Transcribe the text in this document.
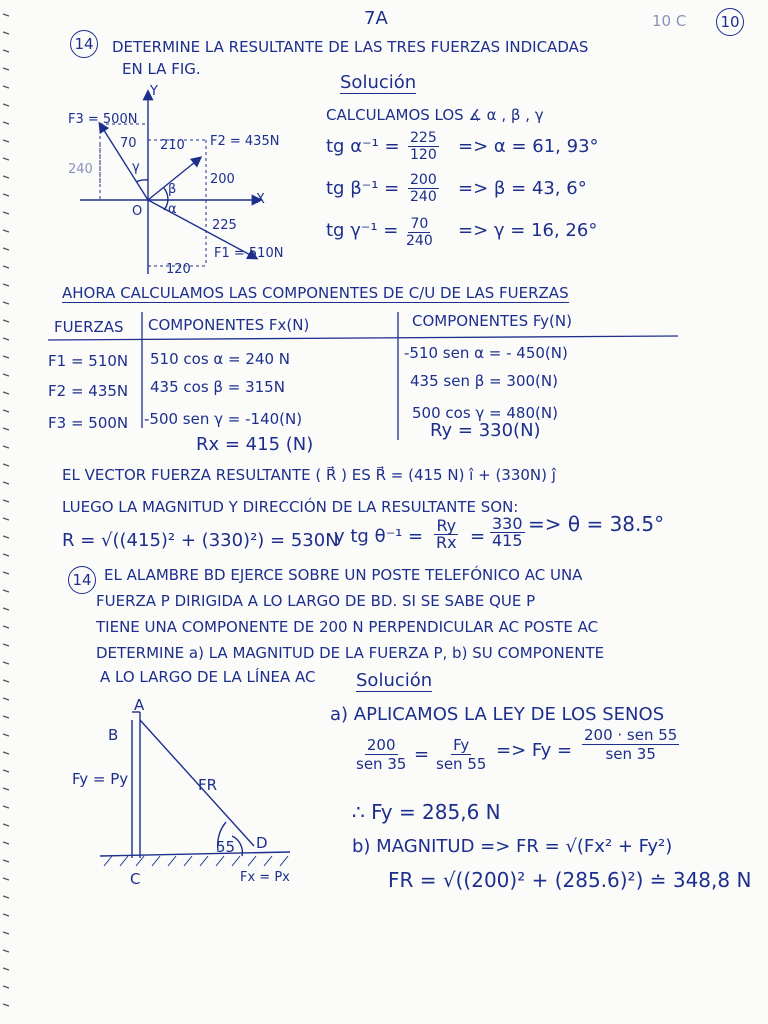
7A	10 C 10
14 DETERMINE LA RESULTANTE DE LAS TRES FUERZAS INDICADAS
EN LA FIG.
Solución
Y
X
O
F3 = 500N
F2 = 435N
F1 = 510N
70 210
240
200
225
120
γ
β
α
CALCULAMOS LOS ∡ α , β , γ
tg $\alpha^{-1} = \frac{225}{120} => \alpha = 61$, 93°
tg $\beta^{-1} = \frac{200}{240} => \beta = 43$, 6°
tg $\gamma^{-1} = \frac{70}{240} => \gamma = 16$, 26°
AHORA CALCULAMOS LAS COMPONENTES DE C/U DE LAS FUERZAS
FUERZAS COMPONENTES Fx(N)	COMPONENTES Fy(N)
F1 = 510N 510 cos α = 240 N	-510 sen α = - 450(N)
F2 = 435N 435 cos β = 315N	435 sen β = 300(N)
F3 = 500N -500 sen γ = -140(N)	500 cos γ = 480(N)
Rx = 415 (N)
Ry = 330(N)
EL VECTOR FUERZA RESULTANTE ( R⃗ ) ES R⃗ = (415 N) î + (330N) ĵ
LUEGO LA MAGNITUD Y DIRECCIÓN DE LA RESULTANTE SON:
R = √((415)² + (330)²) = 530N
y tg $\theta^{-1} = \frac{Ry}{Rx} = \frac{330}{415} => \theta = 38.5^\circ$
14 EL ALAMBRE BD EJERCE SOBRE UN POSTE TELEFÓNICO AC UNA
FUERZA P DIRIGIDA A LO LARGO DE BD. SI SE SABE QUE P
TIENE UNA COMPONENTE DE 200 N PERPENDICULAR AC POSTE AC
DETERMINE a) LA MAGNITUD DE LA FUERZA P, b) SU COMPONENTE
A LO LARGO DE LA LÍNEA AC Solución
A
B
C
D
Fy = Py	FR
Fx = Px
55
a) APLICAMOS LA LEY DE LOS SENOS
200
sen 35 = Fy
sen 55
=> Fy =
200 · sen 55
sen 35
∴ Fy = 285,6 N
b) MAGNITUD => FR = √(Fx² + Fy²)
FR = √((200)² + (285.6)²) ≐ 348,8 N
